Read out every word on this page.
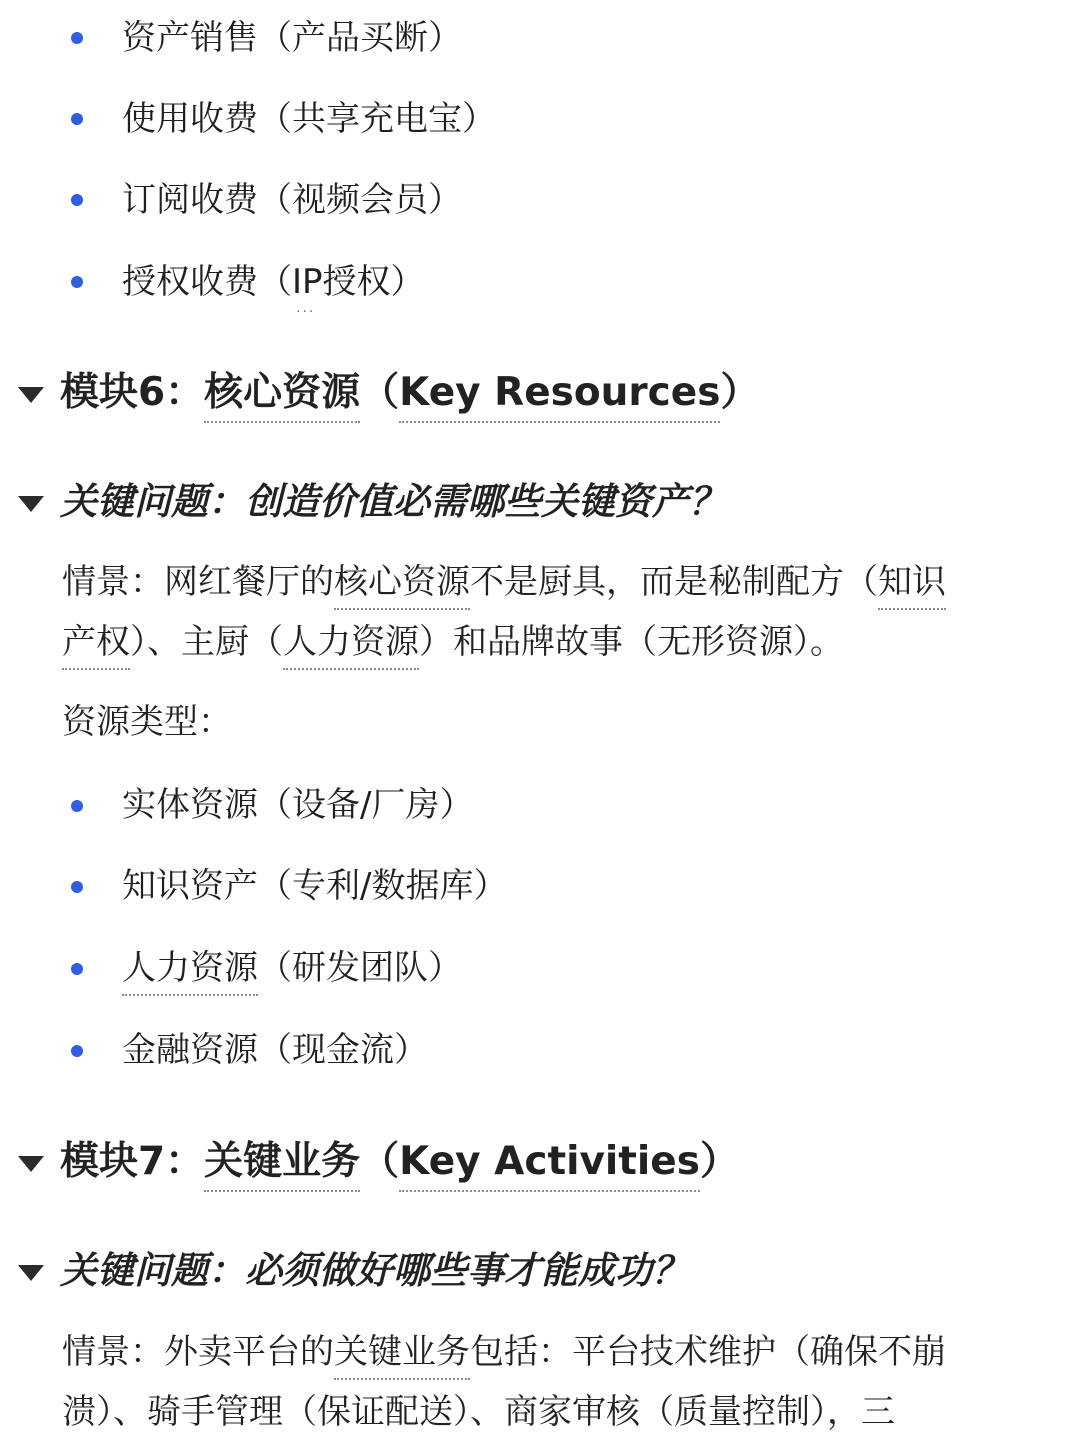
资产销售（产品买断）
使用收费（共享充电宝）
订阅收费（视频会员）
授权收费（IP
···
授权）
模块6：核心资源（Key Resources）
关键问题：创造价值必需哪些关键资产？
情景：网红餐厅的核心资源不是厨具，而是秘制配方（知识
产权）、主厨（人力资源）和品牌故事（无形资源）。
资源类型：
实体资源（设备/厂房）
知识资产（专利/数据库）
人力资源（研发团队）
金融资源（现金流）
模块7：关键业务（Key Activities）
关键问题：必须做好哪些事才能成功？
情景：外卖平台的关键业务包括：平台技术维护（确保不崩
溃）、骑手管理（保证配送）、商家审核（质量控制），三
